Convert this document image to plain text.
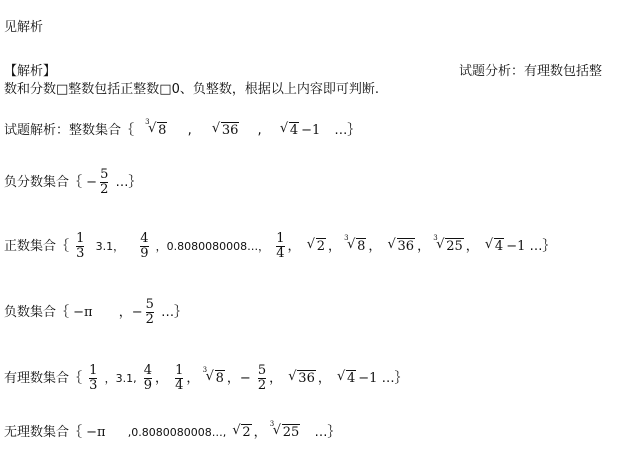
见解析
【解析】	试题分析：有理数包括整
数和分数□整数包括正整数□0、负整数，根据以上内容即可判断.
试题解析：整数集合｛
3
√ 8 , √ 36 , √ 4 −1 …｝
负分数集合｛ − $\frac{5}{2}$ …｝
正数集合｛ $\frac{1}{3} 3.1$， $\frac{4}{9}$ ，0.8080080008…， $\frac{1}{4}$ ， √ 2 ，
3
√ 8 ， √ 36 ，
3
√ 25 ， √ 4 −1 …｝
负数集合｛ −π ，− $\frac{5}{2}$ …｝
有理数集合｛ $\frac{1}{3}$ ，3.1, $\frac{4}{9}$ ， $\frac{1}{4}$ ，
3
√ 8 ，− $\frac{5}{2}$ ， √ 36 ， √ 4 −1 …｝
无理数集合｛ −π ,0.8080080008…, √ 2 ，
3
√ 25 …｝
